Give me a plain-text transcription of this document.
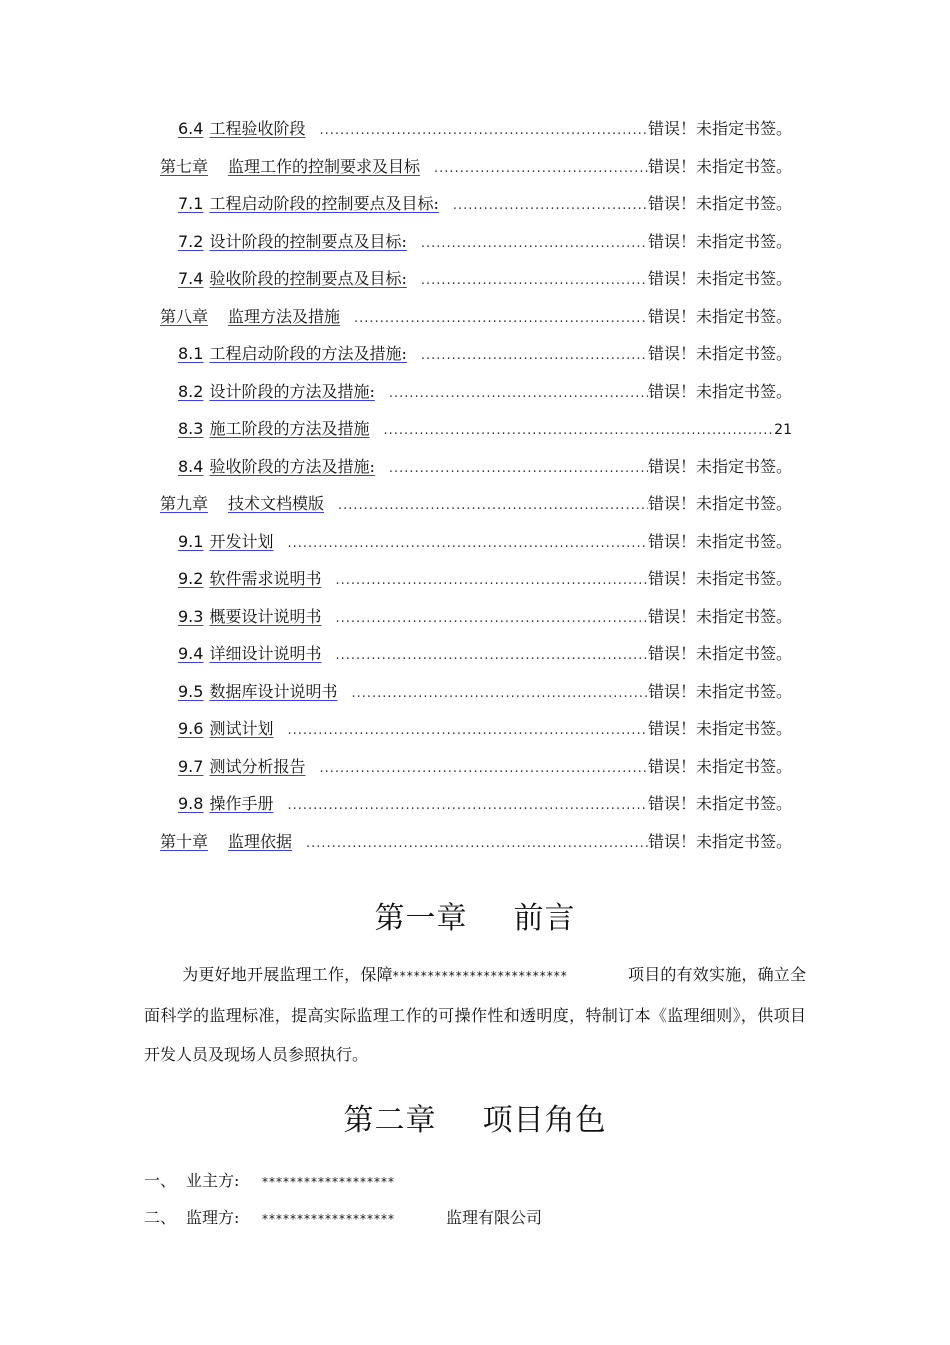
6.4 工程验收阶段 .....	错误！未指定书签。
第七章 监理工作的控制要求及目标 .....	错误！未指定书签。
7.1 工程启动阶段的控制要点及目标: .....	错误！未指定书签。
7.2 设计阶段的控制要点及目标: .....	错误！未指定书签。
7.4 验收阶段的控制要点及目标: .....	错误！未指定书签。
第八章 监理方法及措施 .....	错误！未指定书签。
8.1 工程启动阶段的方法及措施: .....	错误！未指定书签。
8.2 设计阶段的方法及措施: .....	错误！未指定书签。
8.3 施工阶段的方法及措施 .....	21
8.4 验收阶段的方法及措施: .....	错误！未指定书签。
第九章 技术文档模版 .....	错误！未指定书签。
9.1 开发计划 .....	错误！未指定书签。
9.2 软件需求说明书 .....	错误！未指定书签。
9.3 概要设计说明书 .....	错误！未指定书签。
9.4 详细设计说明书 .....	错误！未指定书签。
9.5 数据库设计说明书 .....	错误！未指定书签。
9.6 测试计划 .....	错误！未指定书签。
9.7 测试分析报告 .....	错误！未指定书签。
9.8 操作手册 .....	错误！未指定书签。
第十章 监理依据 .....	错误！未指定书签。
第一章 前言
为更好地开展监理工作，保障*************************	项目的有效实施，确立全面科学的监理标准，提高实际监理工作的可操作性和透明度，特制订本《监理细则》，供项目开发人员及现场人员参照执行。
第二章 项目角色
一、 业主方: *******************
二、 监理方: *******************	监理有限公司
